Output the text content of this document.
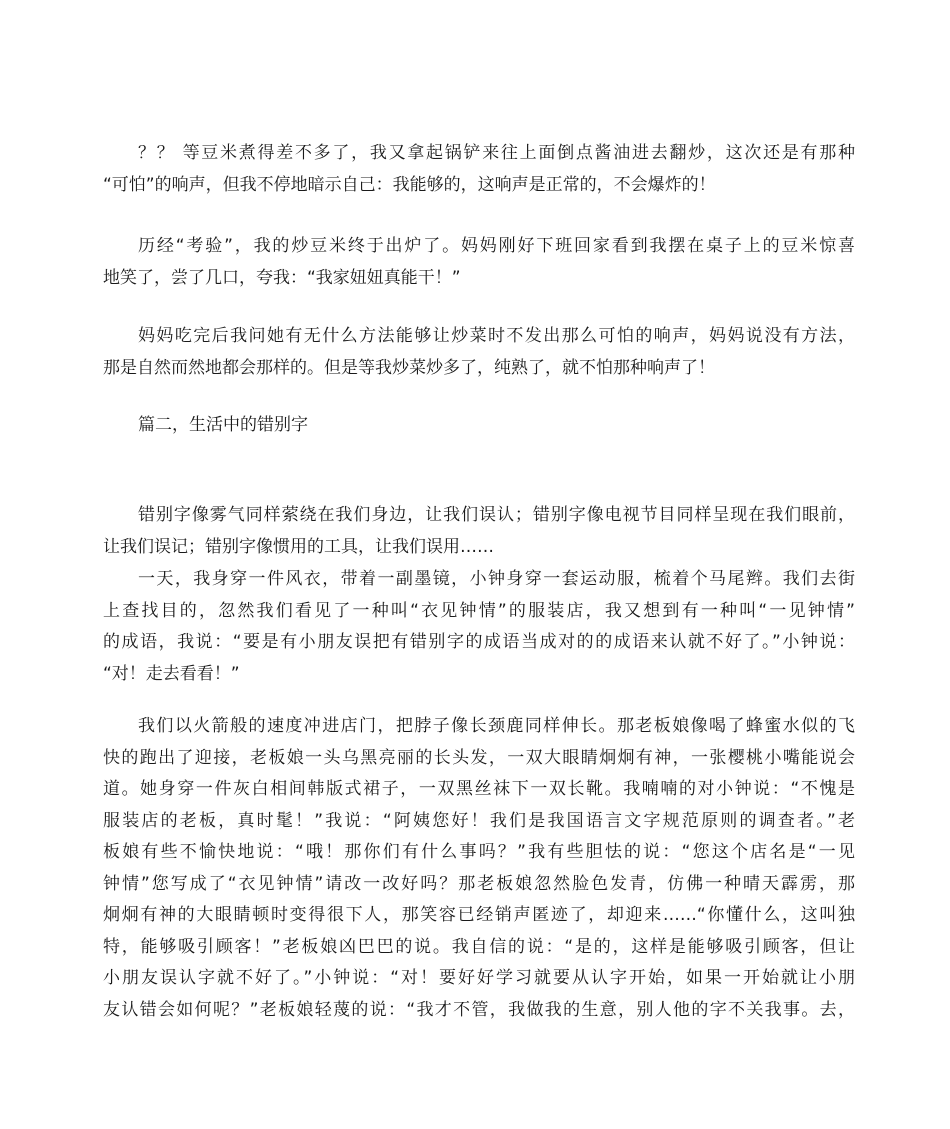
？？ 等豆米煮得差不多了，我又拿起锅铲来往上面倒点酱油进去翻炒，这次还是有那种
“可怕”的响声，但我不停地暗示自己：我能够的，这响声是正常的，不会爆炸的！
历经“考验”，我的炒豆米终于出炉了。妈妈刚好下班回家看到我摆在桌子上的豆米惊喜
地笑了，尝了几口，夸我：“我家妞妞真能干！”
妈妈吃完后我问她有无什么方法能够让炒菜时不发出那么可怕的响声，妈妈说没有方法，
那是自然而然地都会那样的。但是等我炒菜炒多了，纯熟了，就不怕那种响声了！
篇二，生活中的错别字
错别字像雾气同样萦绕在我们身边，让我们误认；错别字像电视节目同样呈现在我们眼前，
让我们误记；错别字像惯用的工具，让我们误用……
一天，我身穿一件风衣，带着一副墨镜，小钟身穿一套运动服，梳着个马尾辫。我们去街
上查找目的，忽然我们看见了一种叫“衣见钟情”的服装店，我又想到有一种叫“一见钟情”
的成语，我说：“要是有小朋友误把有错别字的成语当成对的的成语来认就不好了。”小钟说：
“对！走去看看！”
我们以火箭般的速度冲进店门，把脖子像长颈鹿同样伸长。那老板娘像喝了蜂蜜水似的飞
快的跑出了迎接，老板娘一头乌黑亮丽的长头发，一双大眼睛炯炯有神，一张樱桃小嘴能说会
道。她身穿一件灰白相间韩版式裙子，一双黑丝袜下一双长靴。我喃喃的对小钟说：“不愧是
服装店的老板，真时髦！”我说：“阿姨您好！我们是我国语言文字规范原则的调查者。”老
板娘有些不愉快地说：“哦！那你们有什么事吗？”我有些胆怯的说：“您这个店名是“一见
钟情”您写成了“衣见钟情”请改一改好吗？那老板娘忽然脸色发青，仿佛一种晴天霹雳，那
炯炯有神的大眼睛顿时变得很下人，那笑容已经销声匿迹了，却迎来……“你懂什么，这叫独
特，能够吸引顾客！”老板娘凶巴巴的说。我自信的说：“是的，这样是能够吸引顾客，但让
小朋友误认字就不好了。”小钟说：“对！要好好学习就要从认字开始，如果一开始就让小朋
友认错会如何呢？”老板娘轻蔑的说：“我才不管，我做我的生意，别人他的字不关我事。去，
